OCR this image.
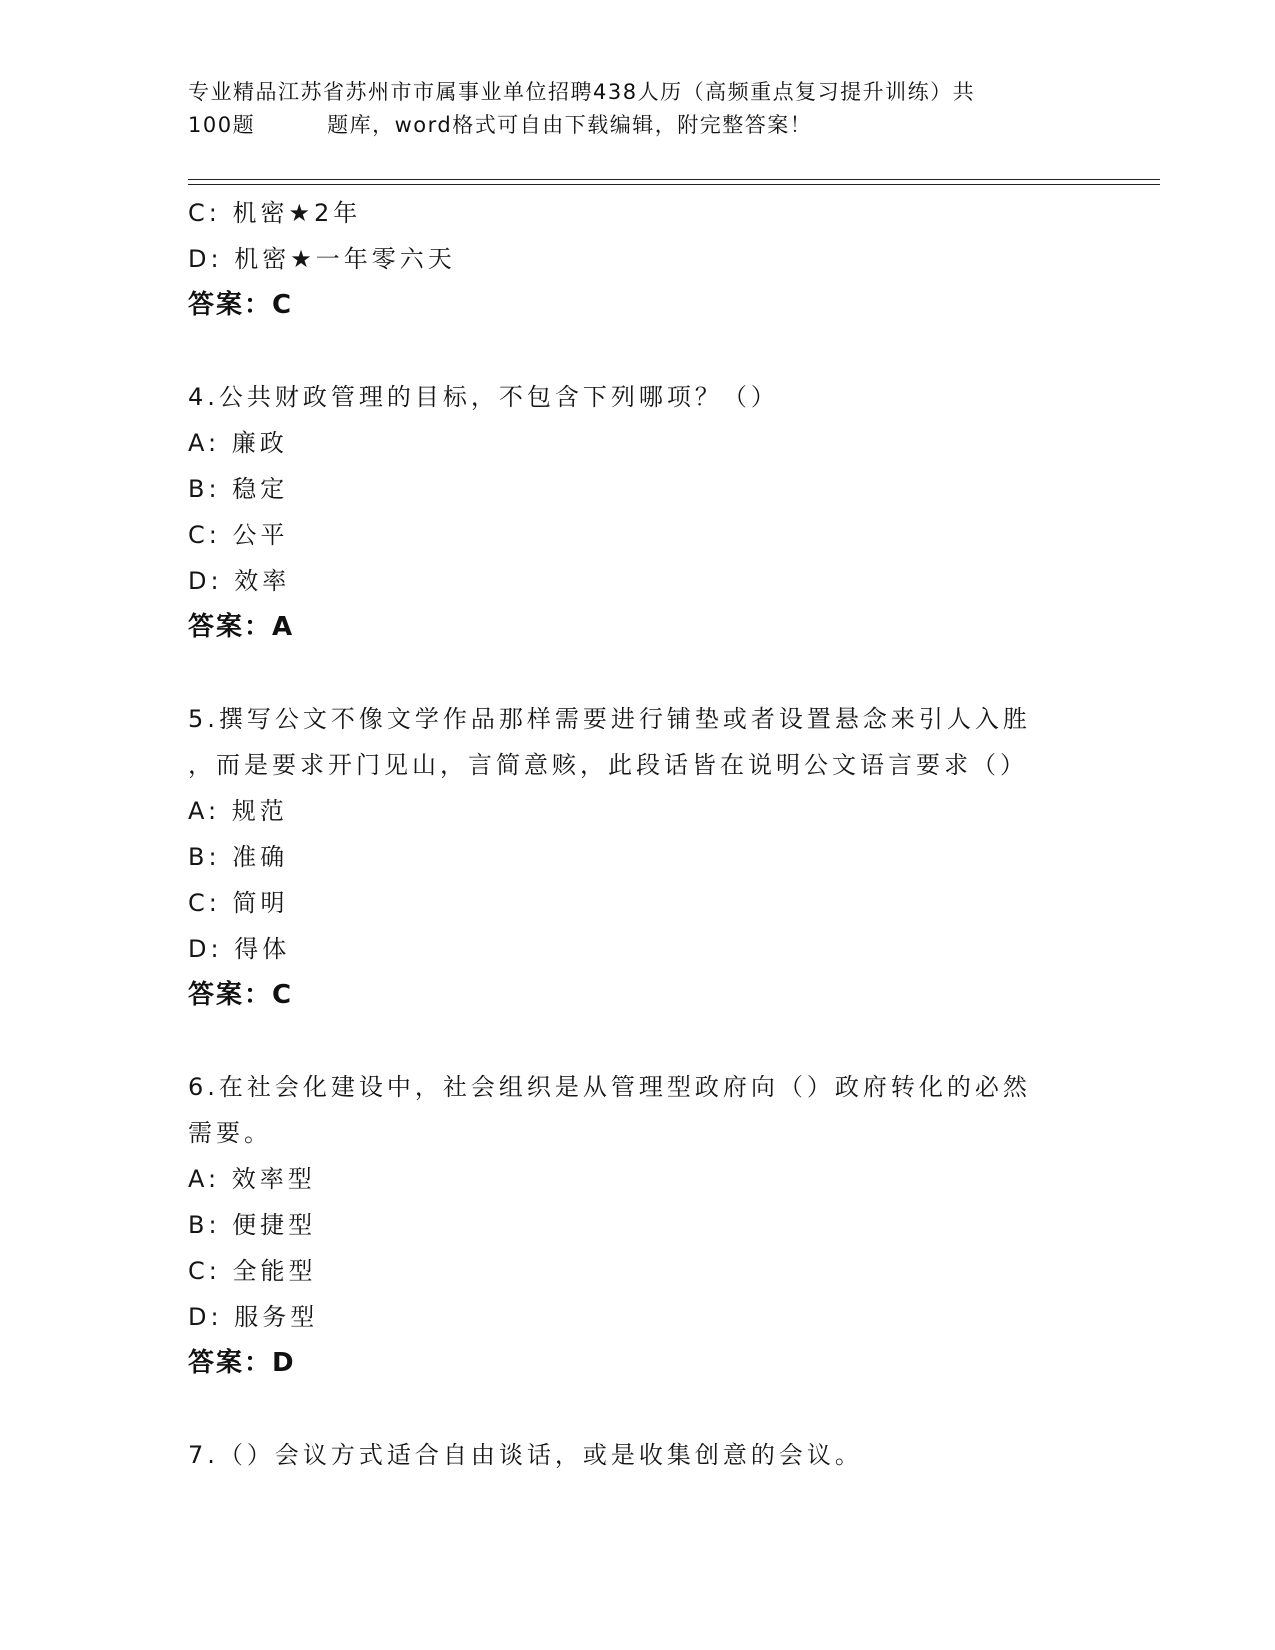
专业精品江苏省苏州市市属事业单位招聘438人历（高频重点复习提升训练）共
100题	题库，word格式可自由下载编辑，附完整答案！
C: 机密★2年
D: 机密★一年零六天
答案：C
4.公共财政管理的目标，不包含下列哪项？（）
A: 廉政
B: 稳定
C: 公平
D: 效率
答案：A
5.撰写公文不像文学作品那样需要进行铺垫或者设置悬念来引人入胜
，而是要求开门见山，言简意赅，此段话皆在说明公文语言要求（）
A: 规范
B: 准确
C: 简明
D: 得体
答案：C
6.在社会化建设中，社会组织是从管理型政府向（）政府转化的必然
需要。
A: 效率型
B: 便捷型
C: 全能型
D: 服务型
答案：D
7.（）会议方式适合自由谈话，或是收集创意的会议。
